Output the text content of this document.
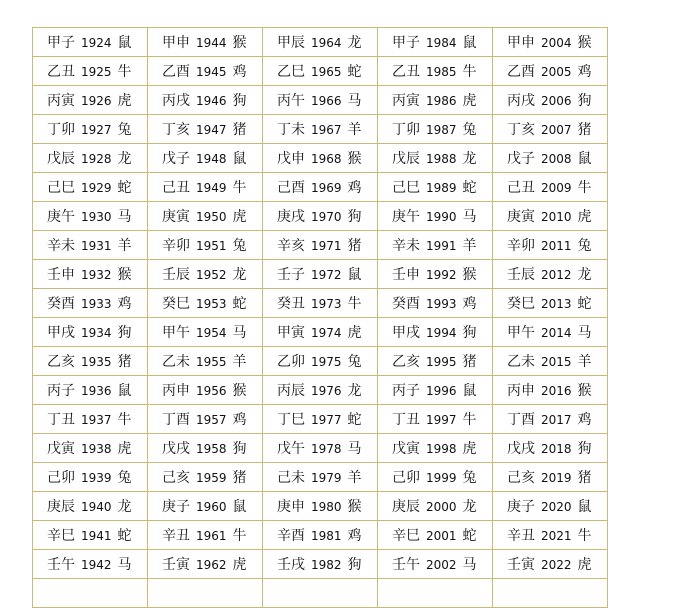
甲子 1924 鼠	甲申 1944 猴	甲辰 1964 龙	甲子 1984 鼠	甲申 2004 猴
乙丑 1925 牛	乙酉 1945 鸡	乙巳 1965 蛇	乙丑 1985 牛	乙酉 2005 鸡
丙寅 1926 虎	丙戌 1946 狗	丙午 1966 马	丙寅 1986 虎	丙戌 2006 狗
丁卯 1927 兔	丁亥 1947 猪	丁未 1967 羊	丁卯 1987 兔	丁亥 2007 猪
戊辰 1928 龙	戊子 1948 鼠	戊申 1968 猴	戊辰 1988 龙	戊子 2008 鼠
己巳 1929 蛇	己丑 1949 牛	己酉 1969 鸡	己巳 1989 蛇	己丑 2009 牛
庚午 1930 马	庚寅 1950 虎	庚戌 1970 狗	庚午 1990 马	庚寅 2010 虎
辛未 1931 羊	辛卯 1951 兔	辛亥 1971 猪	辛未 1991 羊	辛卯 2011 兔
壬申 1932 猴	壬辰 1952 龙	壬子 1972 鼠	壬申 1992 猴	壬辰 2012 龙
癸酉 1933 鸡	癸巳 1953 蛇	癸丑 1973 牛	癸酉 1993 鸡	癸巳 2013 蛇
甲戌 1934 狗	甲午 1954 马	甲寅 1974 虎	甲戌 1994 狗	甲午 2014 马
乙亥 1935 猪	乙未 1955 羊	乙卯 1975 兔	乙亥 1995 猪	乙未 2015 羊
丙子 1936 鼠	丙申 1956 猴	丙辰 1976 龙	丙子 1996 鼠	丙申 2016 猴
丁丑 1937 牛	丁酉 1957 鸡	丁巳 1977 蛇	丁丑 1997 牛	丁酉 2017 鸡
戊寅 1938 虎	戊戌 1958 狗	戊午 1978 马	戊寅 1998 虎	戊戌 2018 狗
己卯 1939 兔	己亥 1959 猪	己未 1979 羊	己卯 1999 兔	己亥 2019 猪
庚辰 1940 龙	庚子 1960 鼠	庚申 1980 猴	庚辰 2000 龙	庚子 2020 鼠
辛巳 1941 蛇	辛丑 1961 牛	辛酉 1981 鸡	辛巳 2001 蛇	辛丑 2021 牛
壬午 1942 马	壬寅 1962 虎	壬戌 1982 狗	壬午 2002 马	壬寅 2022 虎
